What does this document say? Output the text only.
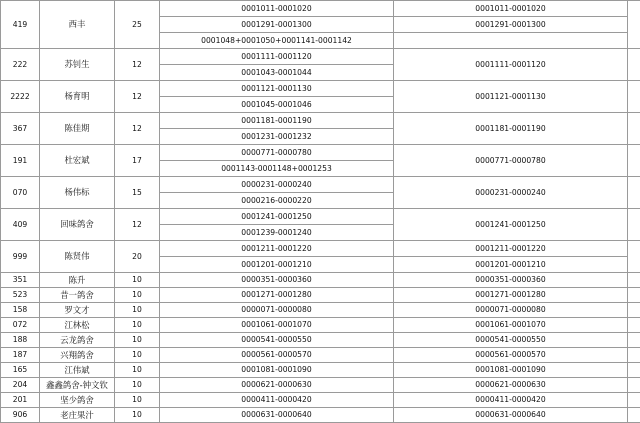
419	西丰	25	0001011-0001020	0001011-0001020	
			0001291-0001300	0001291-0001300	
			0001048+0001050+0001141-0001142		
222	苏钊生	12	0001111-0001120	0001111-0001120	
			0001043-0001044		
2222	杨育明	12	0001121-0001130	0001121-0001130	
			0001045-0001046		
367	陈佳期	12	0001181-0001190	0001181-0001190	
			0001231-0001232		
191	杜宏斌	17	0000771-0000780	0000771-0000780	
			0001143-0001148+0001253		
070	杨伟标	15	0000231-0000240	0000231-0000240	
			0000216-0000220		
409	回味鸽舍	12	0001241-0001250	0001241-0001250	
			0001239-0001240		
999	陈贤伟	20	0001211-0001220	0001211-0001220	
			0001201-0001210	0001201-0001210	
351	陈升	10	0000351-0000360	0000351-0000360	
523	昔一鸽舍	10	0001271-0001280	0001271-0001280	
158	罗文才	10	0000071-0000080	0000071-0000080	
072	江林松	10	0001061-0001070	0001061-0001070	
188	云龙鸽舍	10	0000541-0000550	0000541-0000550	
187	兴翔鸽舍	10	0000561-0000570	0000561-0000570	
165	江伟斌	10	0001081-0001090	0001081-0001090	
204	鑫鑫鸽舍-钟文钦	10	0000621-0000630	0000621-0000630	
201	坚少鸽舍	10	0000411-0000420	0000411-0000420	
906	老庄果汁	10	0000631-0000640	0000631-0000640	
